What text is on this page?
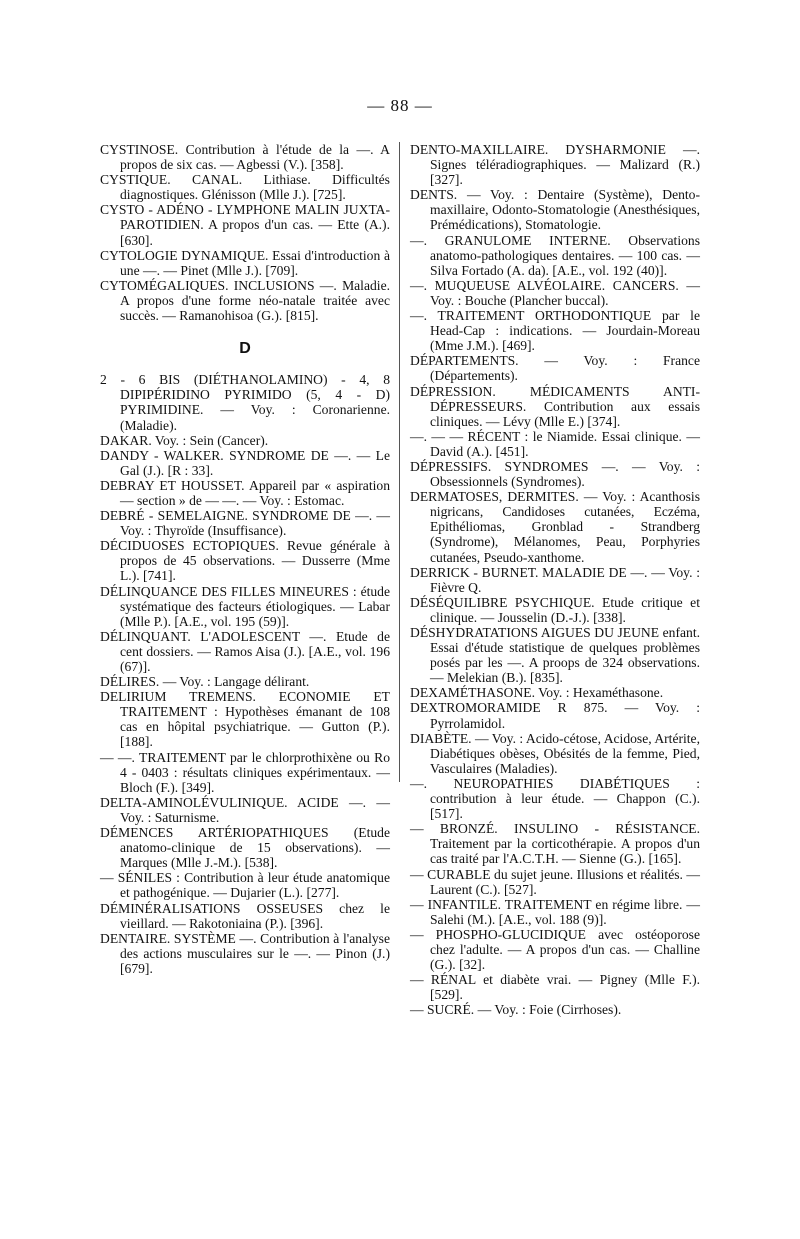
— 88 —

CYSTINOSE. Contribution à l'étude de la —. A propos de six cas. — Agbessi (V.). [358].

CYSTIQUE. CANAL. Lithiase. Difficultés diagnostiques. Glénisson (Mlle J.). [725].

CYSTO - ADÉNO - LYMPHONE MALIN JUXTA-PAROTIDIEN. A propos d'un cas. — Ette (A.). [630].

CYTOLOGIE DYNAMIQUE. Essai d'introduction à une —. — Pinet (Mlle J.). [709].

CYTOMÉGALIQUES. INCLUSIONS —. Maladie. A propos d'une forme néo-natale traitée avec succès. — Ramanohisoa (G.). [815].

D

2 - 6 BIS (DIÉTHANOLAMINO) - 4, 8 DIPIPÉRIDINO PYRIMIDO (5, 4 - D) PYRIMIDINE. — Voy. : Coronarienne. (Maladie).

DAKAR. Voy. : Sein (Cancer).

DANDY - WALKER. SYNDROME DE —. — Le Gal (J.). [R : 33].

DEBRAY ET HOUSSET. Appareil par « aspiration — section » de — —. — Voy. : Estomac.

DEBRÉ - SEMELAIGNE. SYNDROME DE —. — Voy. : Thyroïde (Insuffisance).

DÉCIDUOSES ECTOPIQUES. Revue générale à propos de 45 observations. — Dusserre (Mme L.). [741].

DÉLINQUANCE DES FILLES MINEURES : étude systématique des facteurs étiologiques. — Labar (Mlle P.). [A.E., vol. 195 (59)].

DÉLINQUANT. L'ADOLESCENT —. Etude de cent dossiers. — Ramos Aisa (J.). [A.E., vol. 196 (67)].

DÉLIRES. — Voy. : Langage délirant.

DELIRIUM TREMENS. ECONOMIE ET TRAITEMENT : Hypothèses émanant de 108 cas en hôpital psychiatrique. — Gutton (P.). [188].

— —. TRAITEMENT par le chlorprothixène ou Ro 4 - 0403 : résultats cliniques expérimentaux. — Bloch (F.). [349].

DELTA-AMINOLÉVULINIQUE. ACIDE —. — Voy. : Saturnisme.

DÉMENCES ARTÉRIOPATHIQUES (Etude anatomo-clinique de 15 observations). — Marques (Mlle J.-M.). [538].

— SÉNILES : Contribution à leur étude anatomique et pathogénique. — Dujarier (L.). [277].

DÉMINÉRALISATIONS OSSEUSES chez le vieillard. — Rakotoniaina (P.). [396].

DENTAIRE. SYSTÈME —. Contribution à l'analyse des actions musculaires sur le —. — Pinon (J.) [679].

DENTO-MAXILLAIRE. DYSHARMONIE —. Signes téléradiographiques. — Malizard (R.) [327].

DENTS. — Voy. : Dentaire (Système), Dento-maxillaire, Odonto-Stomatologie (Anesthésiques, Prémédications), Stomatologie.

—. GRANULOME INTERNE. Observations anatomo-pathologiques dentaires. — 100 cas. — Silva Fortado (A. da). [A.E., vol. 192 (40)].

—. MUQUEUSE ALVÉOLAIRE. CANCERS. — Voy. : Bouche (Plancher buccal).

—. TRAITEMENT ORTHODONTIQUE par le Head-Cap : indications. — Jourdain-Moreau (Mme J.M.). [469].

DÉPARTEMENTS. — Voy. : France (Départements).

DÉPRESSION. MÉDICAMENTS ANTI-DÉPRESSEURS. Contribution aux essais cliniques. — Lévy (Mlle E.) [374].

—. — — RÉCENT : le Niamide. Essai clinique. — David (A.). [451].

DÉPRESSIFS. SYNDROMES —. — Voy. : Obsessionnels (Syndromes).

DERMATOSES, DERMITES. — Voy. : Acanthosis nigricans, Candidoses cutanées, Eczéma, Epithéliomas, Gronblad - Strandberg (Syndrome), Mélanomes, Peau, Porphyries cutanées, Pseudo-xanthome.

DERRICK - BURNET. MALADIE DE —. — Voy. : Fièvre Q.

DÉSÉQUILIBRE PSYCHIQUE. Etude critique et clinique. — Jousselin (D.-J.). [338].

DÉSHYDRATATIONS AIGUES DU JEUNE enfant. Essai d'étude statistique de quelques problèmes posés par les —. A proops de 324 observations. — Melekian (B.). [835].

DEXAMÉTHASONE. Voy. : Hexaméthasone.

DEXTROMORAMIDE R 875. — Voy. : Pyrrolamidol.

DIABÈTE. — Voy. : Acido-cétose, Acidose, Artérite, Diabétiques obèses, Obésités de la femme, Pied, Vasculaires (Maladies).

—. NEUROPATHIES DIABÉTIQUES : contribution à leur étude. — Chappon (C.). [517].

— BRONZÉ. INSULINO - RÉSISTANCE. Traitement par la corticothérapie. A propos d'un cas traité par l'A.C.T.H. — Sienne (G.). [165].

— CURABLE du sujet jeune. Illusions et réalités. — Laurent (C.). [527].

— INFANTILE. TRAITEMENT en régime libre. — Salehi (M.). [A.E., vol. 188 (9)].

— PHOSPHO-GLUCIDIQUE avec ostéoporose chez l'adulte. — A propos d'un cas. — Challine (G.). [32].

— RÉNAL et diabète vrai. — Pigney (Mlle F.). [529].

— SUCRÉ. — Voy. : Foie (Cirrhoses).
